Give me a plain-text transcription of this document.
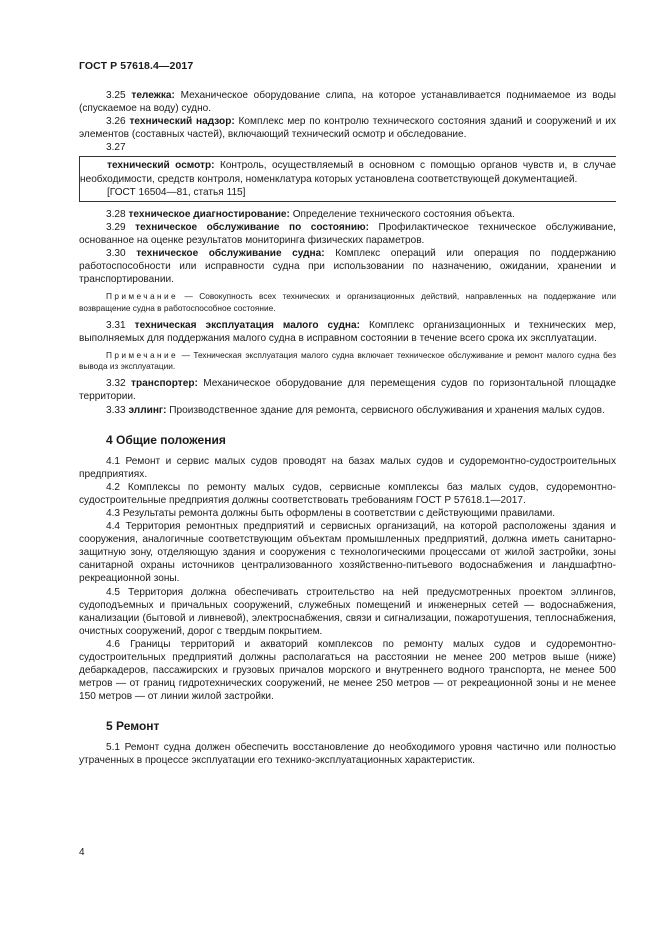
ГОСТ Р 57618.4—2017

3.25 тележка: Механическое оборудование слипа, на которое устанавливается поднимаемое из воды (спускаемое на воду) судно.

3.26 технический надзор: Комплекс мер по контролю технического состояния зданий и сооружений и их элементов (составных частей), включающий технический осмотр и обследование.

3.27

технический осмотр: Контроль, осуществляемый в основном с помощью органов чувств и, в случае необходимости, средств контроля, номенклатура которых установлена соответствующей документацией.

[ГОСТ 16504—81, статья 115]

3.28 техническое диагностирование: Определение технического состояния объекта.

3.29 техническое обслуживание по состоянию: Профилактическое техническое обслуживание, основанное на оценке результатов мониторинга физических параметров.

3.30 техническое обслуживание судна: Комплекс операций или операция по поддержанию работоспособности или исправности судна при использовании по назначению, ожидании, хранении и транспортировании.

Примечание — Совокупность всех технических и организационных действий, направленных на поддержание или возвращение судна в работоспособное состояние.

3.31 техническая эксплуатация малого судна: Комплекс организационных и технических мер, выполняемых для поддержания малого судна в исправном состоянии в течение всего срока их эксплуатации.

Примечание — Техническая эксплуатация малого судна включает техническое обслуживание и ремонт малого судна без вывода из эксплуатации.

3.32 транспортер: Механическое оборудование для перемещения судов по горизонтальной площадке территории.

3.33 эллинг: Производственное здание для ремонта, сервисного обслуживания и хранения малых судов.

4 Общие положения

4.1 Ремонт и сервис малых судов проводят на базах малых судов и судоремонтно-судостроительных предприятиях.

4.2 Комплексы по ремонту малых судов, сервисные комплексы баз малых судов, судоремонтно-судостроительные предприятия должны соответствовать требованиям ГОСТ Р 57618.1—2017.

4.3 Результаты ремонта должны быть оформлены в соответствии с действующими правилами.

4.4 Территория ремонтных предприятий и сервисных организаций, на которой расположены здания и сооружения, аналогичные соответствующим объектам промышленных предприятий, должна иметь санитарно-защитную зону, отделяющую здания и сооружения с технологическими процессами от жилой застройки, зоны санитарной охраны источников централизованного хозяйственно-питьевого водоснабжения и ландшафтно-рекреационной зоны.

4.5 Территория должна обеспечивать строительство на ней предусмотренных проектом эллингов, судоподъемных и причальных сооружений, служебных помещений и инженерных сетей — водоснабжения, канализации (бытовой и ливневой), электроснабжения, связи и сигнализации, пожаротушения, теплоснабжения, очистных сооружений, дорог с твердым покрытием.

4.6 Границы территорий и акваторий комплексов по ремонту малых судов и судоремонтно-судостроительных предприятий должны располагаться на расстоянии не менее 200 метров выше (ниже) дебаркадеров, пассажирских и грузовых причалов морского и внутреннего водного транспорта, не менее 500 метров — от границ гидротехнических сооружений, не менее 250 метров — от рекреационной зоны и не менее 150 метров — от линии жилой застройки.

5 Ремонт

5.1 Ремонт судна должен обеспечить восстановление до необходимого уровня частично или полностью утраченных в процессе эксплуатации его технико-эксплуатационных характеристик.

4
